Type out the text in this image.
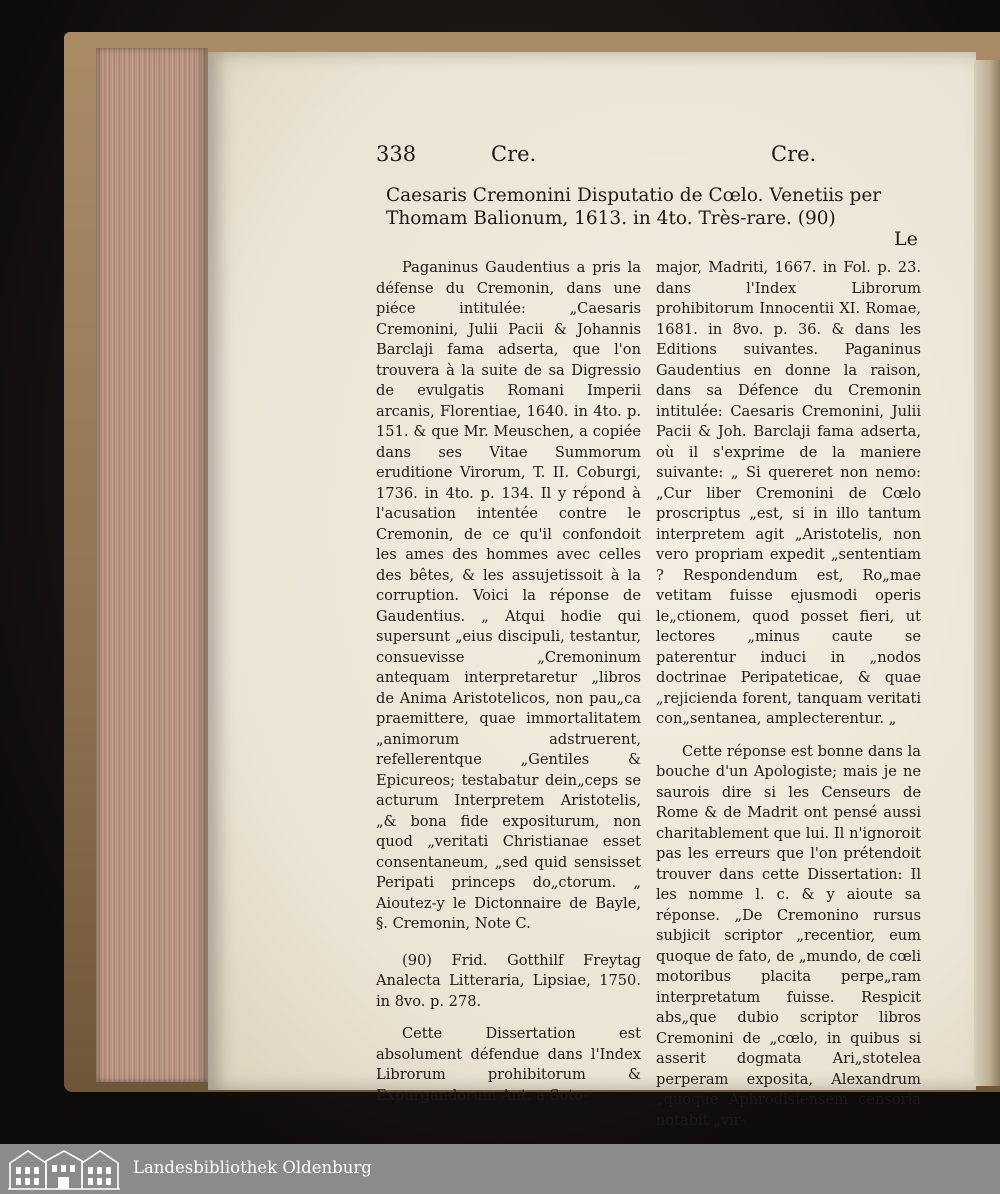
338	Cre.	Cre.
Caesaris Cremonini Disputatio de Cœlo. Venetiis per Thomam Balionum, 1613. in 4to. Très-rare. (90)
Le

Paganinus Gaudentius a pris la défense du Cremonin, dans une piéce intitulée: „Caesaris Cremonini, Julii Pacii & Johannis Barclaji fama adserta, que l'on trouvera à la suite de sa Digressio de evulgatis Romani Imperii arcanis, Florentiae, 1640. in 4to. p. 151. & que Mr. Meuschen, a copiée dans ses Vitae Summorum eruditione Virorum, T. II. Coburgi, 1736. in 4to. p. 134. Il y répond à l'acusation intentée contre le Cremonin, de ce qu'il confondoit les ames des hommes avec celles des bêtes, & les assujetissoit à la corruption. Voici la réponse de Gaudentius. „ Atqui hodie qui supersunt „eius discipuli, testantur, consuevisse „Cremoninum antequam interpretaretur „libros de Anima Aristotelicos, non pau„ca praemittere, quae immortalitatem „animorum adstruerent, refellerentque „Gentiles & Epicureos; testabatur dein„ceps se acturum Interpretem Aristotelis, „& bona fide expositurum, non quod „veritati Christianae esset consentaneum, „sed quid sensisset Peripati princeps do„ctorum. „ Aioutez-y le Dictonnaire de Bayle, §. Cremonin, Note C.

(90) Frid. Gotthilf Freytag Analecta Litteraria, Lipsiae, 1750. in 8vo. p. 278.

Cette Dissertation est absolument défendue dans l'Index Librorum prohibitorum & Expurgandorum Ant. a Soto-

major, Madriti, 1667. in Fol. p. 23. dans l'Index Librorum prohibitorum Innocentii XI. Romae, 1681. in 8vo. p. 36. & dans les Editions suivantes. Paganinus Gaudentius en donne la raison, dans sa Défence du Cremonin intitulée: Caesaris Cremonini, Julii Pacii & Joh. Barclaji fama adserta, où il s'exprime de la maniere suivante: „ Si quereret non nemo: „Cur liber Cremonini de Cœlo proscriptus „est, si in illo tantum interpretem agit „Aristotelis, non vero propriam expedit „sententiam ? Respondendum est, Ro„mae vetitam fuisse ejusmodi operis le„ctionem, quod posset fieri, ut lectores „minus caute se paterentur induci in „nodos doctrinae Peripateticae, & quae „rejicienda forent, tanquam veritati con„sentanea, amplecterentur. „

Cette réponse est bonne dans la bouche d'un Apologiste; mais je ne saurois dire si les Censeurs de Rome & de Madrit ont pensé aussi charitablement que lui. Il n'ignoroit pas les erreurs que l'on prétendoit trouver dans cette Dissertation: Il les nomme l. c. & y aioute sa réponse. „De Cremonino rursus subjicit scriptor „recentior, eum quoque de fato, de „mundo, de cœli motoribus placita perpe„ram interpretatum fuisse. Respicit abs„que dubio scriptor libros Cremonini de „cœlo, in quibus si asserit dogmata Ari„stotelea perperam exposita, Alexandrum „quoque Aphrodisiensem censoria notabit „vir-

Landesbibliothek Oldenburg
